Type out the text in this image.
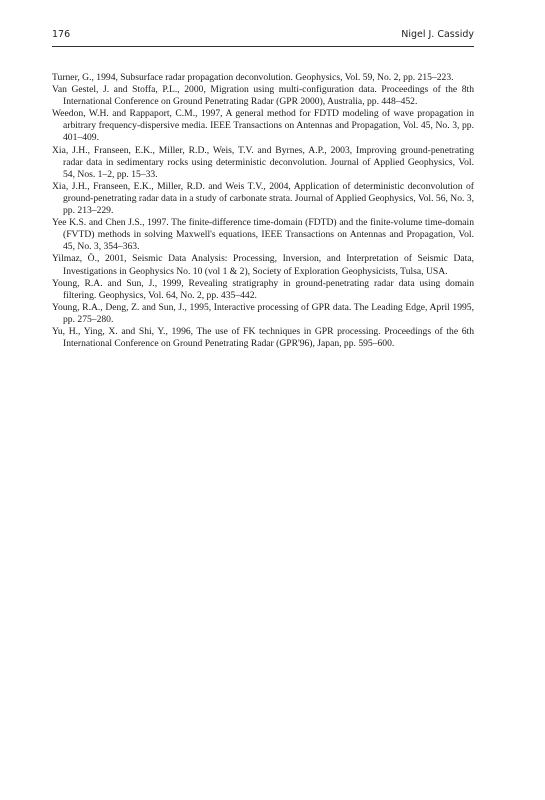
176	Nigel J. Cassidy
Turner, G., 1994, Subsurface radar propagation deconvolution. Geophysics, Vol. 59, No. 2, pp. 215–223.
Van Gestel, J. and Stoffa, P.L., 2000, Migration using multi-configuration data. Proceedings of the 8th International Conference on Ground Penetrating Radar (GPR 2000), Australia, pp. 448–452.
Weedon, W.H. and Rappaport, C.M., 1997, A general method for FDTD modeling of wave propagation in arbitrary frequency-dispersive media. IEEE Transactions on Antennas and Propagation, Vol. 45, No. 3, pp. 401–409.
Xia, J.H., Franseen, E.K., Miller, R.D., Weis, T.V. and Byrnes, A.P., 2003, Improving ground-penetrating radar data in sedimentary rocks using deterministic deconvolution. Journal of Applied Geophysics, Vol. 54, Nos. 1–2, pp. 15–33.
Xia, J.H., Franseen, E.K., Miller, R.D. and Weis T.V., 2004, Application of deterministic deconvolution of ground-penetrating radar data in a study of carbonate strata. Journal of Applied Geophysics, Vol. 56, No. 3, pp. 213–229.
Yee K.S. and Chen J.S., 1997. The finite-difference time-domain (FDTD) and the finite-volume time-domain (FVTD) methods in solving Maxwell's equations, IEEE Transactions on Antennas and Propagation, Vol. 45, No. 3, 354–363.
Yilmaz, Ö., 2001, Seismic Data Analysis: Processing, Inversion, and Interpretation of Seismic Data, Investigations in Geophysics No. 10 (vol 1 & 2), Society of Exploration Geophysicists, Tulsa, USA.
Young, R.A. and Sun, J., 1999, Revealing stratigraphy in ground-penetrating radar data using domain filtering. Geophysics, Vol. 64, No. 2, pp. 435–442.
Young, R.A., Deng, Z. and Sun, J., 1995, Interactive processing of GPR data. The Leading Edge, April 1995, pp. 275–280.
Yu, H., Ying, X. and Shi, Y., 1996, The use of FK techniques in GPR processing. Proceedings of the 6th International Conference on Ground Penetrating Radar (GPR'96), Japan, pp. 595–600.
